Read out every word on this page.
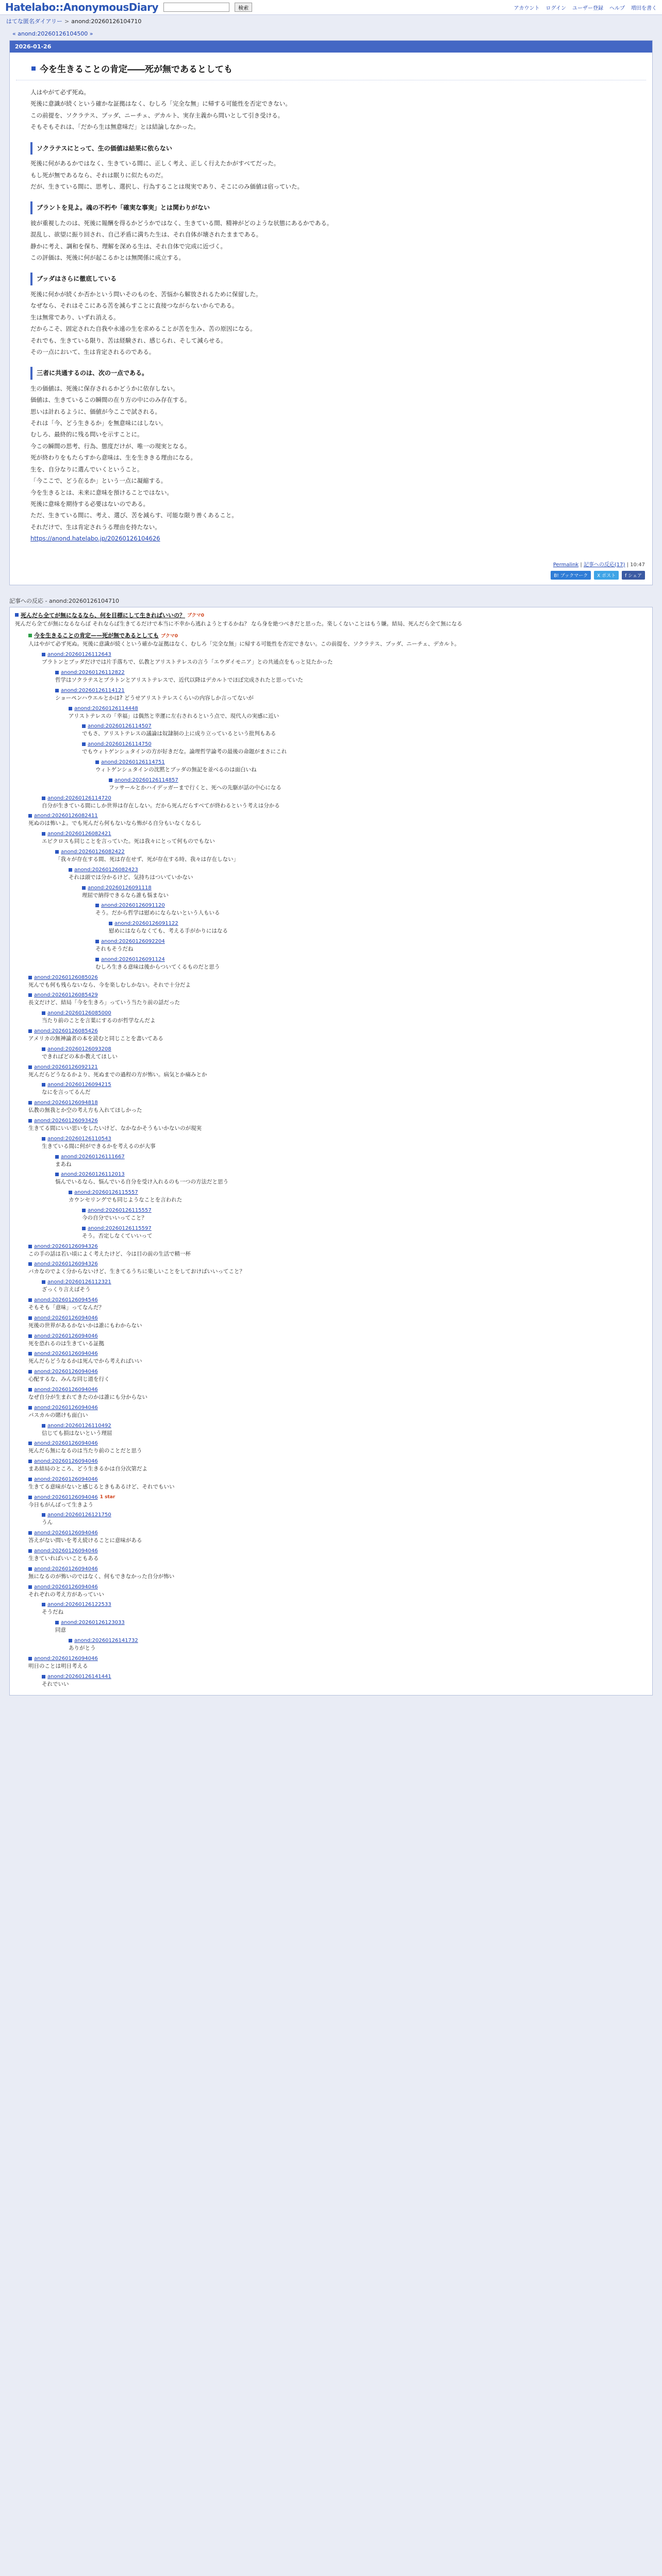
Hatelabo::AnonymousDiary	検索	アカウント ログイン ユーザー登録 ヘルプ 増田を書く
はてな匿名ダイアリー > anond:20260126104710
« anond:20260126104500 »
2026-01-26
今を生きることの肯定――死が無であるとしても

人はやがて必ず死ぬ。

死後に意識が続くという確かな証拠はなく、むしろ「完全な無」に帰する可能性を否定できない。

この前提を、ソクラテス、ブッダ、ニーチェ、デカルト、実存主義から問いとして引き受ける。

そもそもそれは、「だから生は無意味だ」とは結論しなかった。

ソクラテスにとって、生の価値は結果に依らない

死後に何があるかではなく、生きている間に、正しく考え、正しく行えたかがすべてだった。

もし死が無であるなら、それは眠りに似たものだ。

だが、生きている間に、思考し、選択し、行為することは現実であり、そこにのみ価値は宿っていた。

ブラントを見よ。魂の不朽や「確実な事実」とは関わりがない

彼が重視したのは、死後に報酬を得るかどうかではなく、生きている間、精神がどのような状態にあるかである。

混乱し、欲望に振り回され、自己矛盾に満ちた生は、それ自体が壊されたままである。

静かに考え、調和を保ち、理解を深める生は、それ自体で完成に近づく。

この評価は、死後に何が起こるかとは無関係に成立する。

ブッダはさらに徹底している

死後に何かが続くか否かという問いそのものを、苦悩から解放されるために保留した。

なぜなら、それはそこにある苦を減らすことに直接つながらないからである。

生は無常であり、いずれ消える。

だからこそ、固定された自我や永遠の生を求めることが苦を生み、苦の原因になる。

それでも、生きている限り、苦は経験され、感じられ、そして減らせる。

その一点において、生は肯定されるのである。

三者に共通するのは、次の一点である。

生の価値は、死後に保存されるかどうかに依存しない。

価値は、生きているこの瞬間の在り方の中にのみ存在する。

思いは計れるように、価値が今ここで試される。

それは「今、どう生きるか」を無意味にはしない。

むしろ、最終的に残る問いを示すことに。

今この瞬間の思考、行為、態度だけが、唯一の現実となる。

死が終わりをもたらすから意味は、生を生ききる理由になる。

生を、自分なりに選んでいくということ。

「今ここで、どう在るか」という一点に凝縮する。

今を生きるとは、未来に意味を預けることではない。

死後に意味を期待する必要はないのである。

ただ、生きている間に、考え、選び、苦を減らす、可能な限り善くあること。

それだけで、生は肯定されうる理由を持たない。

https://anond.hatelabo.jp/20260126104626

Permalink | 記事への反応(17) | 10:47
B! ブックマーク	X ポスト	f シェア
記事への反応 - anond:20260126104710
死んだら全てが無になるなら、何を目標にして生きればいいの？ ブクマ0
死んだら全てが無になるならば それならば生きてるだけで本当に不幸から逃れようとするかね？ なら身を絶つべきだと思った。楽しくないことはもう嫌。結局、死んだら全て無になる
今を生きることの肯定——死が無であるとしても ブクマ0
人はやがて必ず死ぬ。死後に意識が続くという確かな証拠はなく、むしろ「完全な無」に帰する可能性を否定できない。この前提を、ソクラテス、ブッダ、ニーチェ、デカルト。
anond:20260126112643
プラトンとブッダだけでは片手落ちで、仏教とアリストテレスの言う「エウダイモニア」との共通点をもっと見たかった
anond:20260126112822
哲学はソクラテスとプラトンとアリストテレスで、近代以降はデカルトでほぼ完成されたと思っていた
anond:20260126114121
ショーペンハウエルとかは? どうせアリストテレスくらいの内容しか言ってないが
anond:20260126114448
アリストテレスの「幸福」は偶然と幸運に左右されるという点で、現代人の実感に近い
anond:20260126114507
でもさ、アリストテレスの議論は奴隷制の上に成り立っているという批判もある
anond:20260126114750
でもウィトゲンシュタインの方が好きだな。論理哲学論考の最後の命題がまさにこれ
anond:20260126114751
ウィトゲンシュタインの沈黙とブッダの無記を並べるのは面白いね
anond:20260126114857
フッサールとかハイデッガーまで行くと、死への先駆が話の中心になる
anond:20260126114720
自分が生きている間にしか世界は存在しない。だから死んだらすべてが終わるという考えは分かる
anond:20260126082411
死ぬのは怖いよ。でも死んだら何もないなら怖がる自分もいなくなるし
anond:20260126082421
エピクロスも同じことを言っていた。死は我々にとって何ものでもない
anond:20260126082422
「我々が存在する間、死は存在せず、死が存在する時、我々は存在しない」
anond:20260126082423
それは頭では分かるけど、気持ちはついていかない
anond:20260126091118
理屈で納得できるなら誰も悩まない
anond:20260126091120
そう。だから哲学は慰めにならないという人もいる
anond:20260126091122
慰めにはならなくても、考える手がかりにはなる
anond:20260126092204
それもそうだね
anond:20260126091124
むしろ生きる意味は後からついてくるものだと思う
anond:20260126085026
死んでも何も残らないなら、今を楽しむしかない。それで十分だよ
anond:20260126085429
長文だけど、結局「今を生きろ」っていう当たり前の話だった
anond:20260126085000
当たり前のことを言葉にするのが哲学なんだよ
anond:20260126085426
アメリカの無神論者の本を読むと同じことを書いてある
anond:20260126093208
できればどの本か教えてほしい
anond:20260126092121
死んだらどうなるかより、死ぬまでの過程の方が怖い。病気とか痛みとか
anond:20260126094215
なにを言ってるんだ
anond:20260126094818
仏教の無我とか空の考え方も入れてほしかった
anond:20260126093426
生きてる間にいい思いをしたいけど、なかなかそうもいかないのが現実
anond:20260126110543
生きている間に何ができるかを考えるのが大事
anond:20260126111667
まあね
anond:20260126112013
悩んでいるなら、悩んでいる自分を受け入れるのも一つの方法だと思う
anond:20260126115557
カウンセリングでも同じようなことを言われた
anond:20260126115557
今の自分でいいってこと？
anond:20260126115597
そう。否定しなくていいって
anond:20260126094326
この手の話は若い頃によく考えたけど、今は目の前の生活で精一杯
anond:20260126094326
バカなのでよく分からないけど、生きてるうちに楽しいことをしておけばいいってこと？
anond:20260126112321
ざっくり言えばそう
anond:20260126094546
そもそも「意味」ってなんだ？
anond:20260126094046
死後の世界があるかないかは誰にもわからない
anond:20260126094046
死を恐れるのは生きている証拠
anond:20260126094046
死んだらどうなるかは死んでから考えればいい
anond:20260126094046
心配するな、みんな同じ道を行く
anond:20260126094046
なぜ自分が生まれてきたのかは誰にも分からない
anond:20260126094046
パスカルの賭けも面白い
anond:20260126110492
信じても損はないという理屈
anond:20260126094046
死んだら無になるのは当たり前のことだと思う
anond:20260126094046
まあ結局のところ、どう生きるかは自分次第だよ
anond:20260126094046
生きてる意味がないと感じるときもあるけど、それでもいい
anond:20260126094046 1 star
今日もがんばって生きよう
anond:20260126121750
うん
anond:20260126094046
答えがない問いを考え続けることに意味がある
anond:20260126094046
生きていればいいこともある
anond:20260126094046
無になるのが怖いのではなく、何もできなかった自分が怖い
anond:20260126094046
それぞれの考え方があっていい
anond:20260126122533
そうだね
anond:20260126123033
同意
anond:20260126141732
ありがとう
anond:20260126094046
明日のことは明日考える
anond:20260126141441
それでいい
